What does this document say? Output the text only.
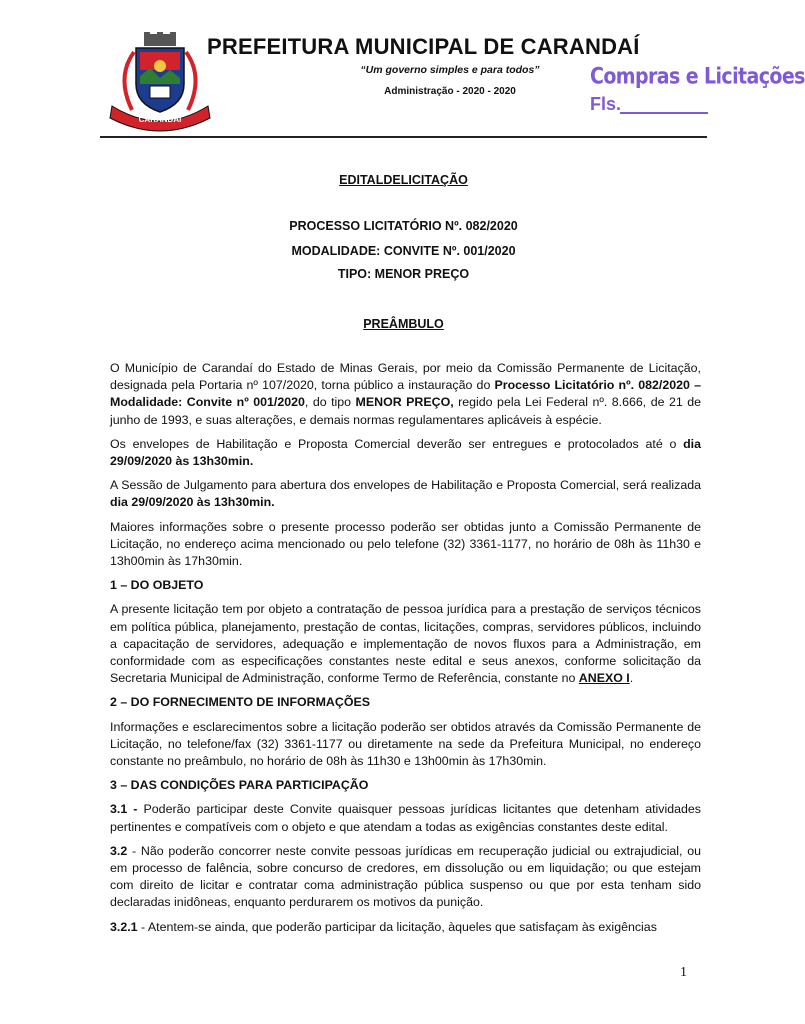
CARANDAÍ
PREFEITURA MUNICIPAL DE CARANDAÍ
“Um governo simples e para todos”
Administração - 2020 - 2020
Compras e Licitações
Fls.
EDITALDELICITAÇÃO
PROCESSO LICITATÓRIO Nº. 082/2020
MODALIDADE: CONVITE Nº. 001/2020
TIPO: MENOR PREÇO
PREÂMBULO

O Município de Carandaí do Estado de Minas Gerais, por meio da Comissão Permanente de Licitação, designada pela Portaria nº 107/2020, torna público a instauração do Processo Licitatório nº. 082/2020 – Modalidade: Convite nº 001/2020, do tipo MENOR PREÇO, regido pela Lei Federal nº. 8.666, de 21 de junho de 1993, e suas alterações, e demais normas regulamentares aplicáveis à espécie.

Os envelopes de Habilitação e Proposta Comercial deverão ser entregues e protocolados até o dia 29/09/2020 às 13h30min.

A Sessão de Julgamento para abertura dos envelopes de Habilitação e Proposta Comercial, será realizada dia 29/09/2020 às 13h30min.

Maiores informações sobre o presente processo poderão ser obtidas junto a Comissão Permanente de Licitação, no endereço acima mencionado ou pelo telefone (32) 3361-1177, no horário de 08h às 11h30 e 13h00min às 17h30min.

1 – DO OBJETO

A presente licitação tem por objeto a contratação de pessoa jurídica para a prestação de serviços técnicos em política pública, planejamento, prestação de contas, licitações, compras, servidores públicos, incluindo a capacitação de servidores, adequação e implementação de novos fluxos para a Administração, em conformidade com as especificações constantes neste edital e seus anexos, conforme solicitação da Secretaria Municipal de Administração, conforme Termo de Referência, constante no ANEXO I.

2 – DO FORNECIMENTO DE INFORMAÇÕES

Informações e esclarecimentos sobre a licitação poderão ser obtidos através da Comissão Permanente de Licitação, no telefone/fax (32) 3361-1177 ou diretamente na sede da Prefeitura Municipal, no endereço constante no preâmbulo, no horário de 08h às 11h30 e 13h00min às 17h30min.

3 – DAS CONDIÇÕES PARA PARTICIPAÇÃO

3.1 - Poderão participar deste Convite quaisquer pessoas jurídicas licitantes que detenham atividades pertinentes e compatíveis com o objeto e que atendam a todas as exigências constantes deste edital.

3.2 - Não poderão concorrer neste convite pessoas jurídicas em recuperação judicial ou extrajudicial, ou em processo de falência, sobre concurso de credores, em dissolução ou em liquidação; ou que estejam com direito de licitar e contratar coma administração pública suspenso ou que por esta tenham sido declaradas inidôneas, enquanto perdurarem os motivos da punição.

3.2.1 - Atentem-se ainda, que poderão participar da licitação, àqueles que satisfaçam às exigências

1
